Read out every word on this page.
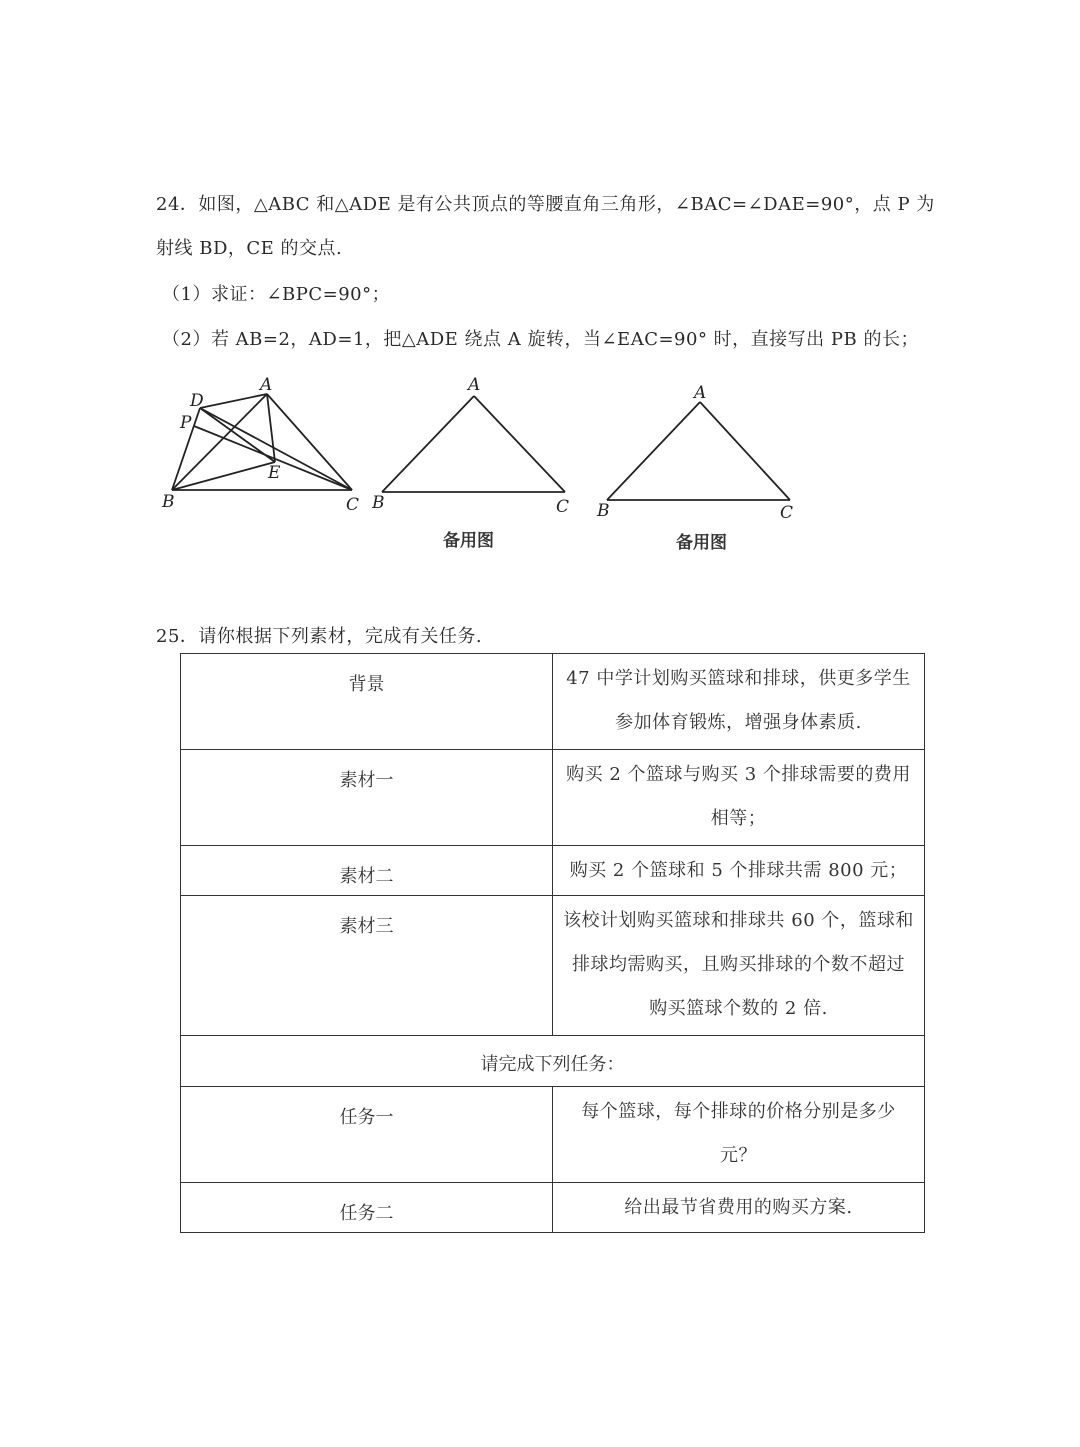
24．如图，△ABC 和△ADE 是有公共顶点的等腰直角三角形，∠BAC=∠DAE=90°，点 P 为
射线 BD，CE 的交点.
（1）求证：∠BPC=90°；
（2）若 AB=2，AD=1，把△ADE 绕点 A 旋转，当∠EAC=90° 时，直接写出 PB 的长；
A
B	C
D
E
P
A
B	C
备用图
A
B	C
备用图
25．请你根据下列素材，完成有关任务.
背景	47 中学计划购买篮球和排球，供更多学生
参加体育锻炼，增强身体素质.

素材一	购买 2 个篮球与购买 3 个排球需要的费用
相等；

素材二	购买 2 个篮球和 5 个排球共需 800 元；

素材三	该校计划购买篮球和排球共 60 个，篮球和
排球均需购买，且购买排球的个数不超过
购买篮球个数的 2 倍.

请完成下列任务：	
任务一	每个篮球，每个排球的价格分别是多少
元？

任务二	给出最节省费用的购买方案.
